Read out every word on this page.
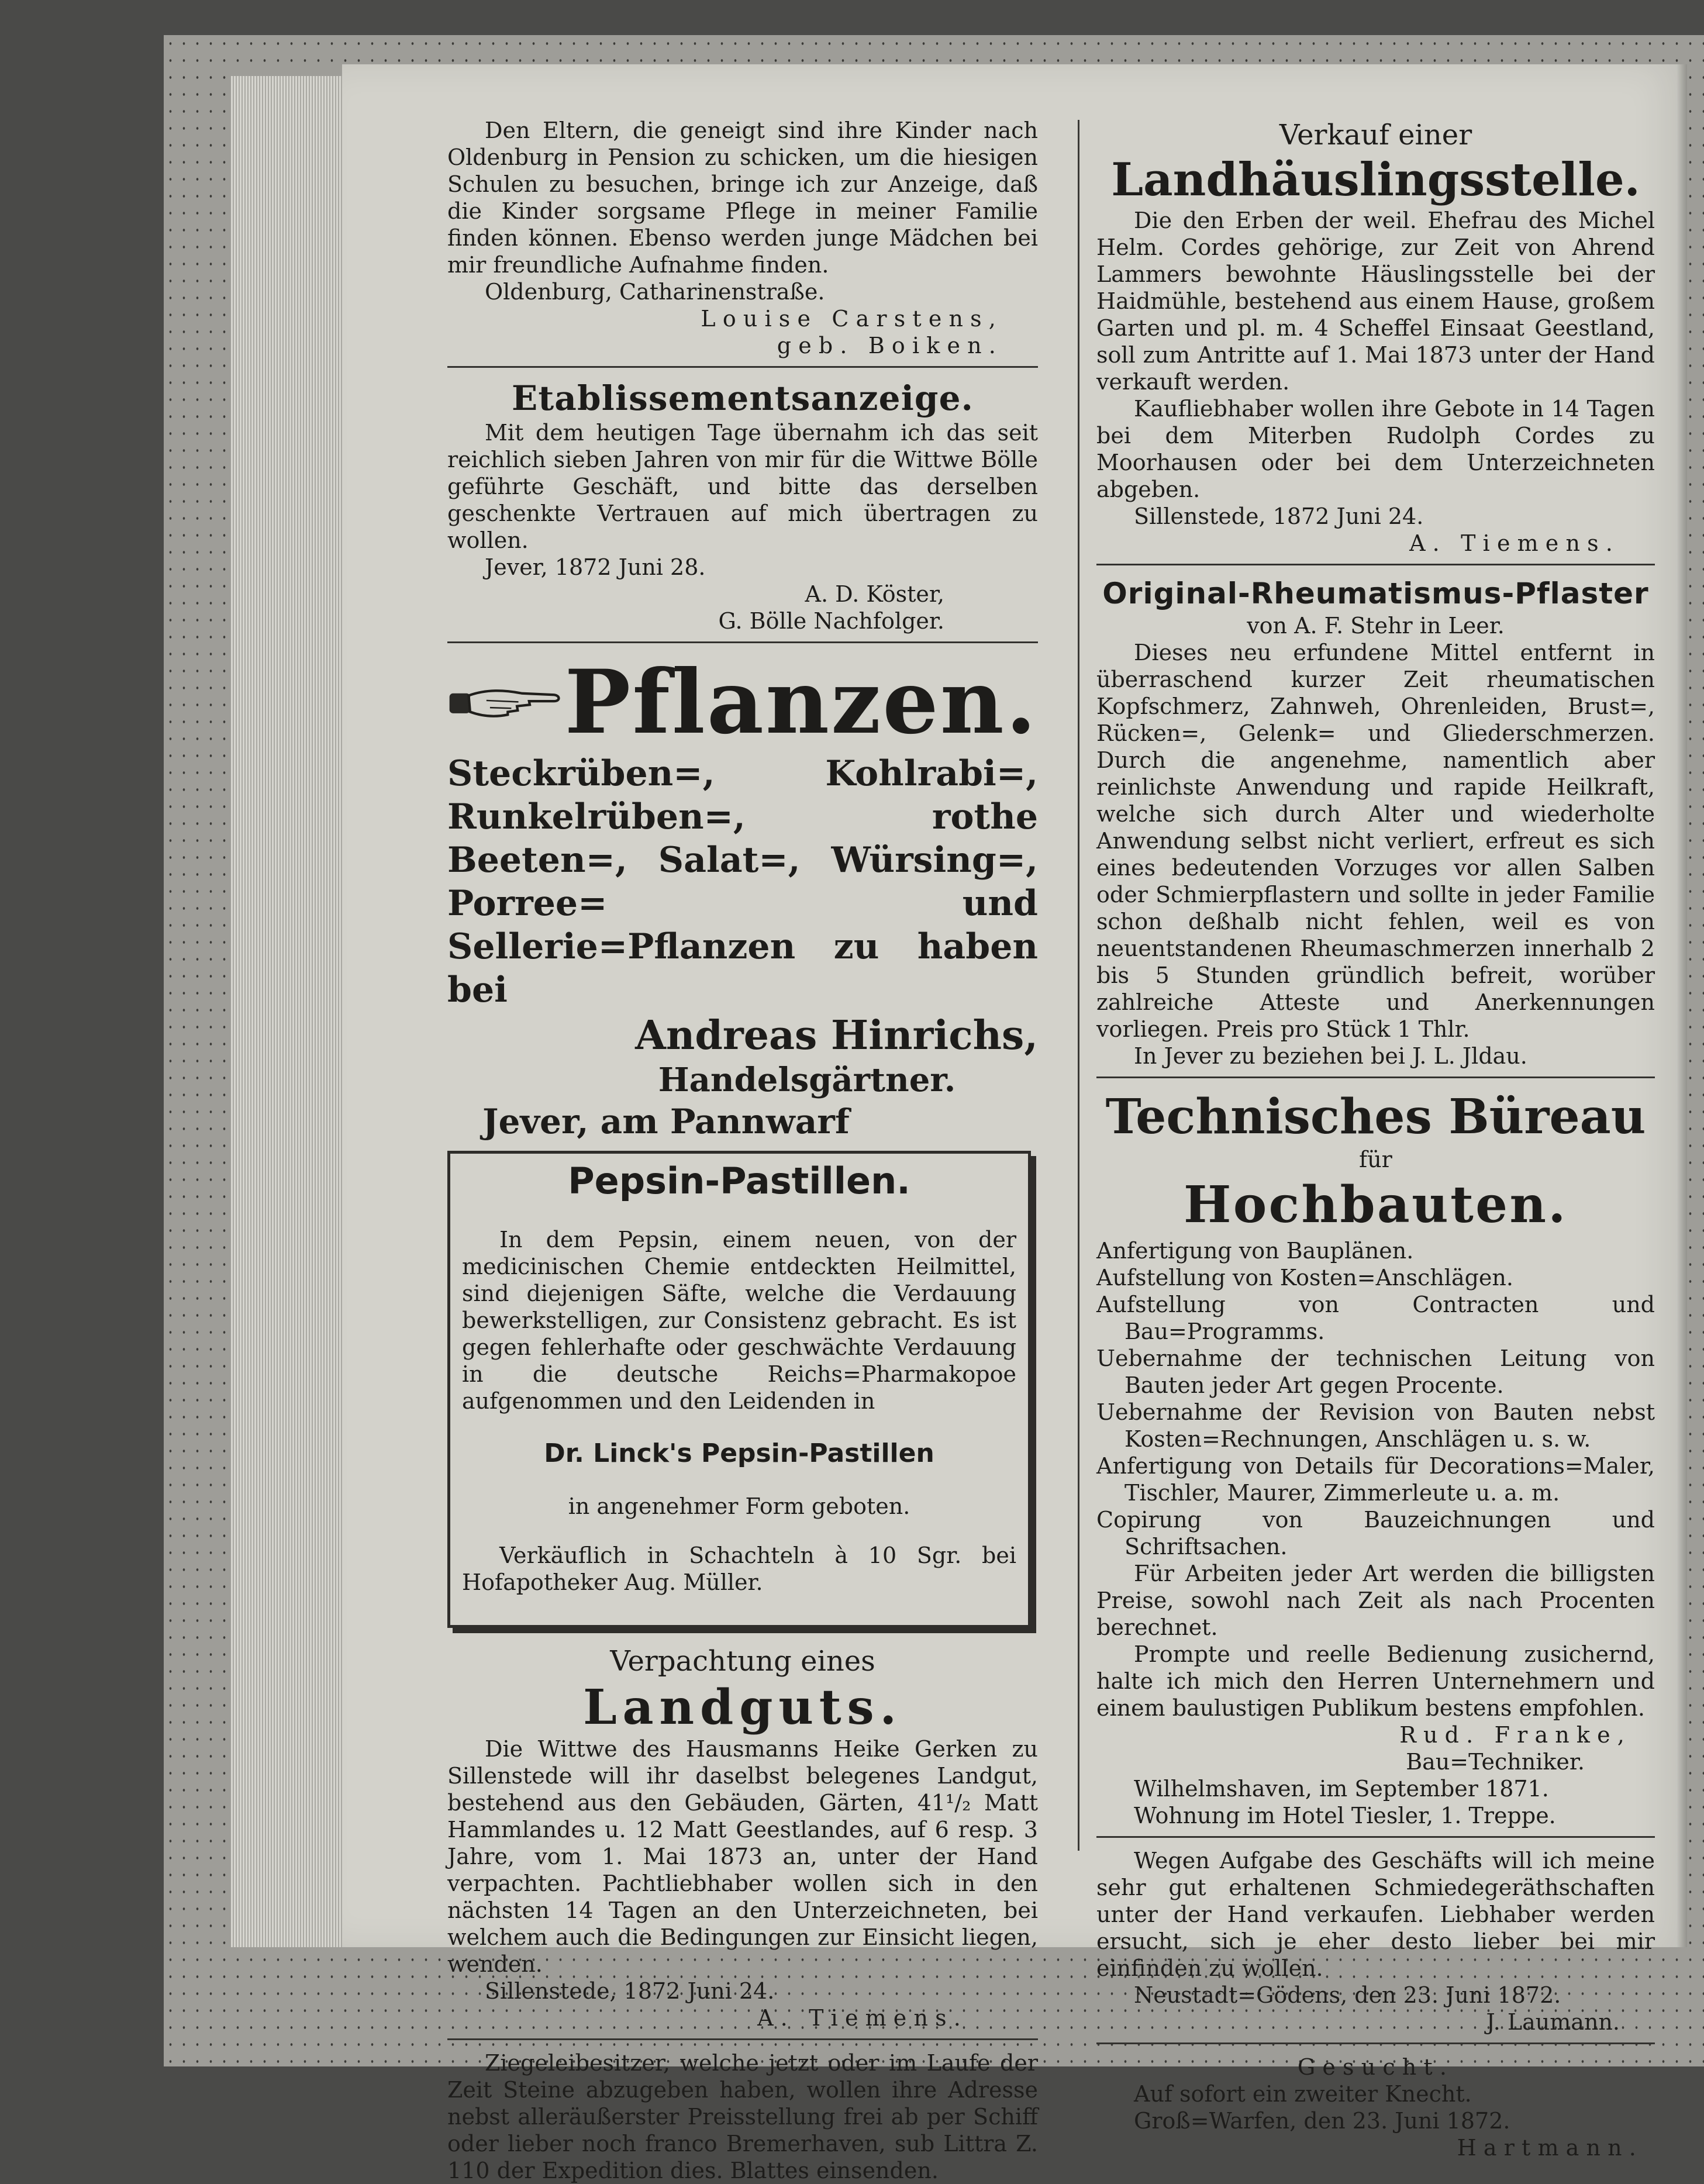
Den Eltern, die geneigt sind ihre Kinder nach Oldenburg in Pension zu schicken, um die hiesigen Schulen zu besuchen, bringe ich zur Anzeige, daß die Kinder sorgsame Pflege in meiner Familie finden können. Ebenso werden junge Mädchen bei mir freundliche Aufnahme finden.

Oldenburg, Catharinenstraße.

Louise Carstens,

geb. Boiken.

Etablissementsanzeige.

Mit dem heutigen Tage übernahm ich das seit reichlich sieben Jahren von mir für die Wittwe Bölle geführte Geschäft, und bitte das derselben geschenkte Vertrauen auf mich übertragen zu wollen.

Jever, 1872 Juni 28.

A. D. Köster,

G. Bölle Nachfolger.

Pflanzen.

Steckrüben=, Kohlrabi=, Runkelrüben=, rothe Beeten=, Salat=, Würsing=, Porree= und Sellerie=Pflanzen zu haben bei

Andreas Hinrichs,

Handelsgärtner.

Jever, am Pannwarf

Pepsin-Pastillen.

In dem Pepsin, einem neuen, von der medicinischen Chemie entdeckten Heilmittel, sind diejenigen Säfte, welche die Verdauung bewerkstelligen, zur Consistenz gebracht. Es ist gegen fehlerhafte oder geschwächte Verdauung in die deutsche Reichs=Pharmakopoe aufgenommen und den Leidenden in

Dr. Linck's Pepsin-Pastillen

in angenehmer Form geboten.

Verkäuflich in Schachteln à 10 Sgr. bei Hofapotheker Aug. Müller.

Verpachtung eines

Landguts.

Die Wittwe des Hausmanns Heike Gerken zu Sillenstede will ihr daselbst belegenes Landgut, bestehend aus den Gebäuden, Gärten, 41¹/₂ Matt Hammlandes u. 12 Matt Geestlandes, auf 6 resp. 3 Jahre, vom 1. Mai 1873 an, unter der Hand verpachten. Pachtliebhaber wollen sich in den nächsten 14 Tagen an den Unterzeichneten, bei welchem auch die Bedingungen zur Einsicht liegen, wenden.

Sillenstede, 1872 Juni 24.

A. Tiemens.

Ziegeleibesitzer, welche jetzt oder im Laufe der Zeit Steine abzugeben haben, wollen ihre Adresse nebst alleräußerster Preisstellung frei ab per Schiff oder lieber noch franco Bremerhaven, sub Littra Z. 110 der Expedition dies. Blattes einsenden.

Verkauf einer

Landhäuslingsstelle.

Die den Erben der weil. Ehefrau des Michel Helm. Cordes gehörige, zur Zeit von Ahrend Lammers bewohnte Häuslingsstelle bei der Haidmühle, bestehend aus einem Hause, großem Garten und pl. m. 4 Scheffel Einsaat Geestland, soll zum Antritte auf 1. Mai 1873 unter der Hand verkauft werden.

Kaufliebhaber wollen ihre Gebote in 14 Tagen bei dem Miterben Rudolph Cordes zu Moorhausen oder bei dem Unterzeichneten abgeben.

Sillenstede, 1872 Juni 24.

A. Tiemens.

Original-Rheumatismus-Pflaster

von A. F. Stehr in Leer.

Dieses neu erfundene Mittel entfernt in überraschend kurzer Zeit rheumatischen Kopfschmerz, Zahnweh, Ohrenleiden, Brust=, Rücken=, Gelenk= und Gliederschmerzen. Durch die angenehme, namentlich aber reinlichste Anwendung und rapide Heilkraft, welche sich durch Alter und wiederholte Anwendung selbst nicht verliert, erfreut es sich eines bedeutenden Vorzuges vor allen Salben oder Schmierpflastern und sollte in jeder Familie schon deßhalb nicht fehlen, weil es von neuentstandenen Rheumaschmerzen innerhalb 2 bis 5 Stunden gründlich befreit, worüber zahlreiche Atteste und Anerkennungen vorliegen. Preis pro Stück 1 Thlr.

In Jever zu beziehen bei J. L. Jldau.

Technisches Büreau

für

Hochbauten.

Anfertigung von Bauplänen.

Aufstellung von Kosten=Anschlägen.

Aufstellung von Contracten und Bau=Programms.

Uebernahme der technischen Leitung von Bauten jeder Art gegen Procente.

Uebernahme der Revision von Bauten nebst Kosten=Rechnungen, Anschlägen u. s. w.

Anfertigung von Details für Decorations=Maler, Tischler, Maurer, Zimmerleute u. a. m.

Copirung von Bauzeichnungen und Schriftsachen.

Für Arbeiten jeder Art werden die billigsten Preise, sowohl nach Zeit als nach Procenten berechnet.

Prompte und reelle Bedienung zusichernd, halte ich mich den Herren Unternehmern und einem baulustigen Publikum bestens empfohlen.

Rud. Franke,

Bau=Techniker.

Wilhelmshaven, im September 1871.

Wohnung im Hotel Tiesler, 1. Treppe.

Wegen Aufgabe des Geschäfts will ich meine sehr gut erhaltenen Schmiedegeräthschaften unter der Hand verkaufen. Liebhaber werden ersucht, sich je eher desto lieber bei mir einfinden zu wollen.

Neustadt=Gödens, den 23. Juni 1872.

J. Laumann.

Gesucht.

Auf sofort ein zweiter Knecht.

Groß=Warfen, den 23. Juni 1872.

Hartmann.
